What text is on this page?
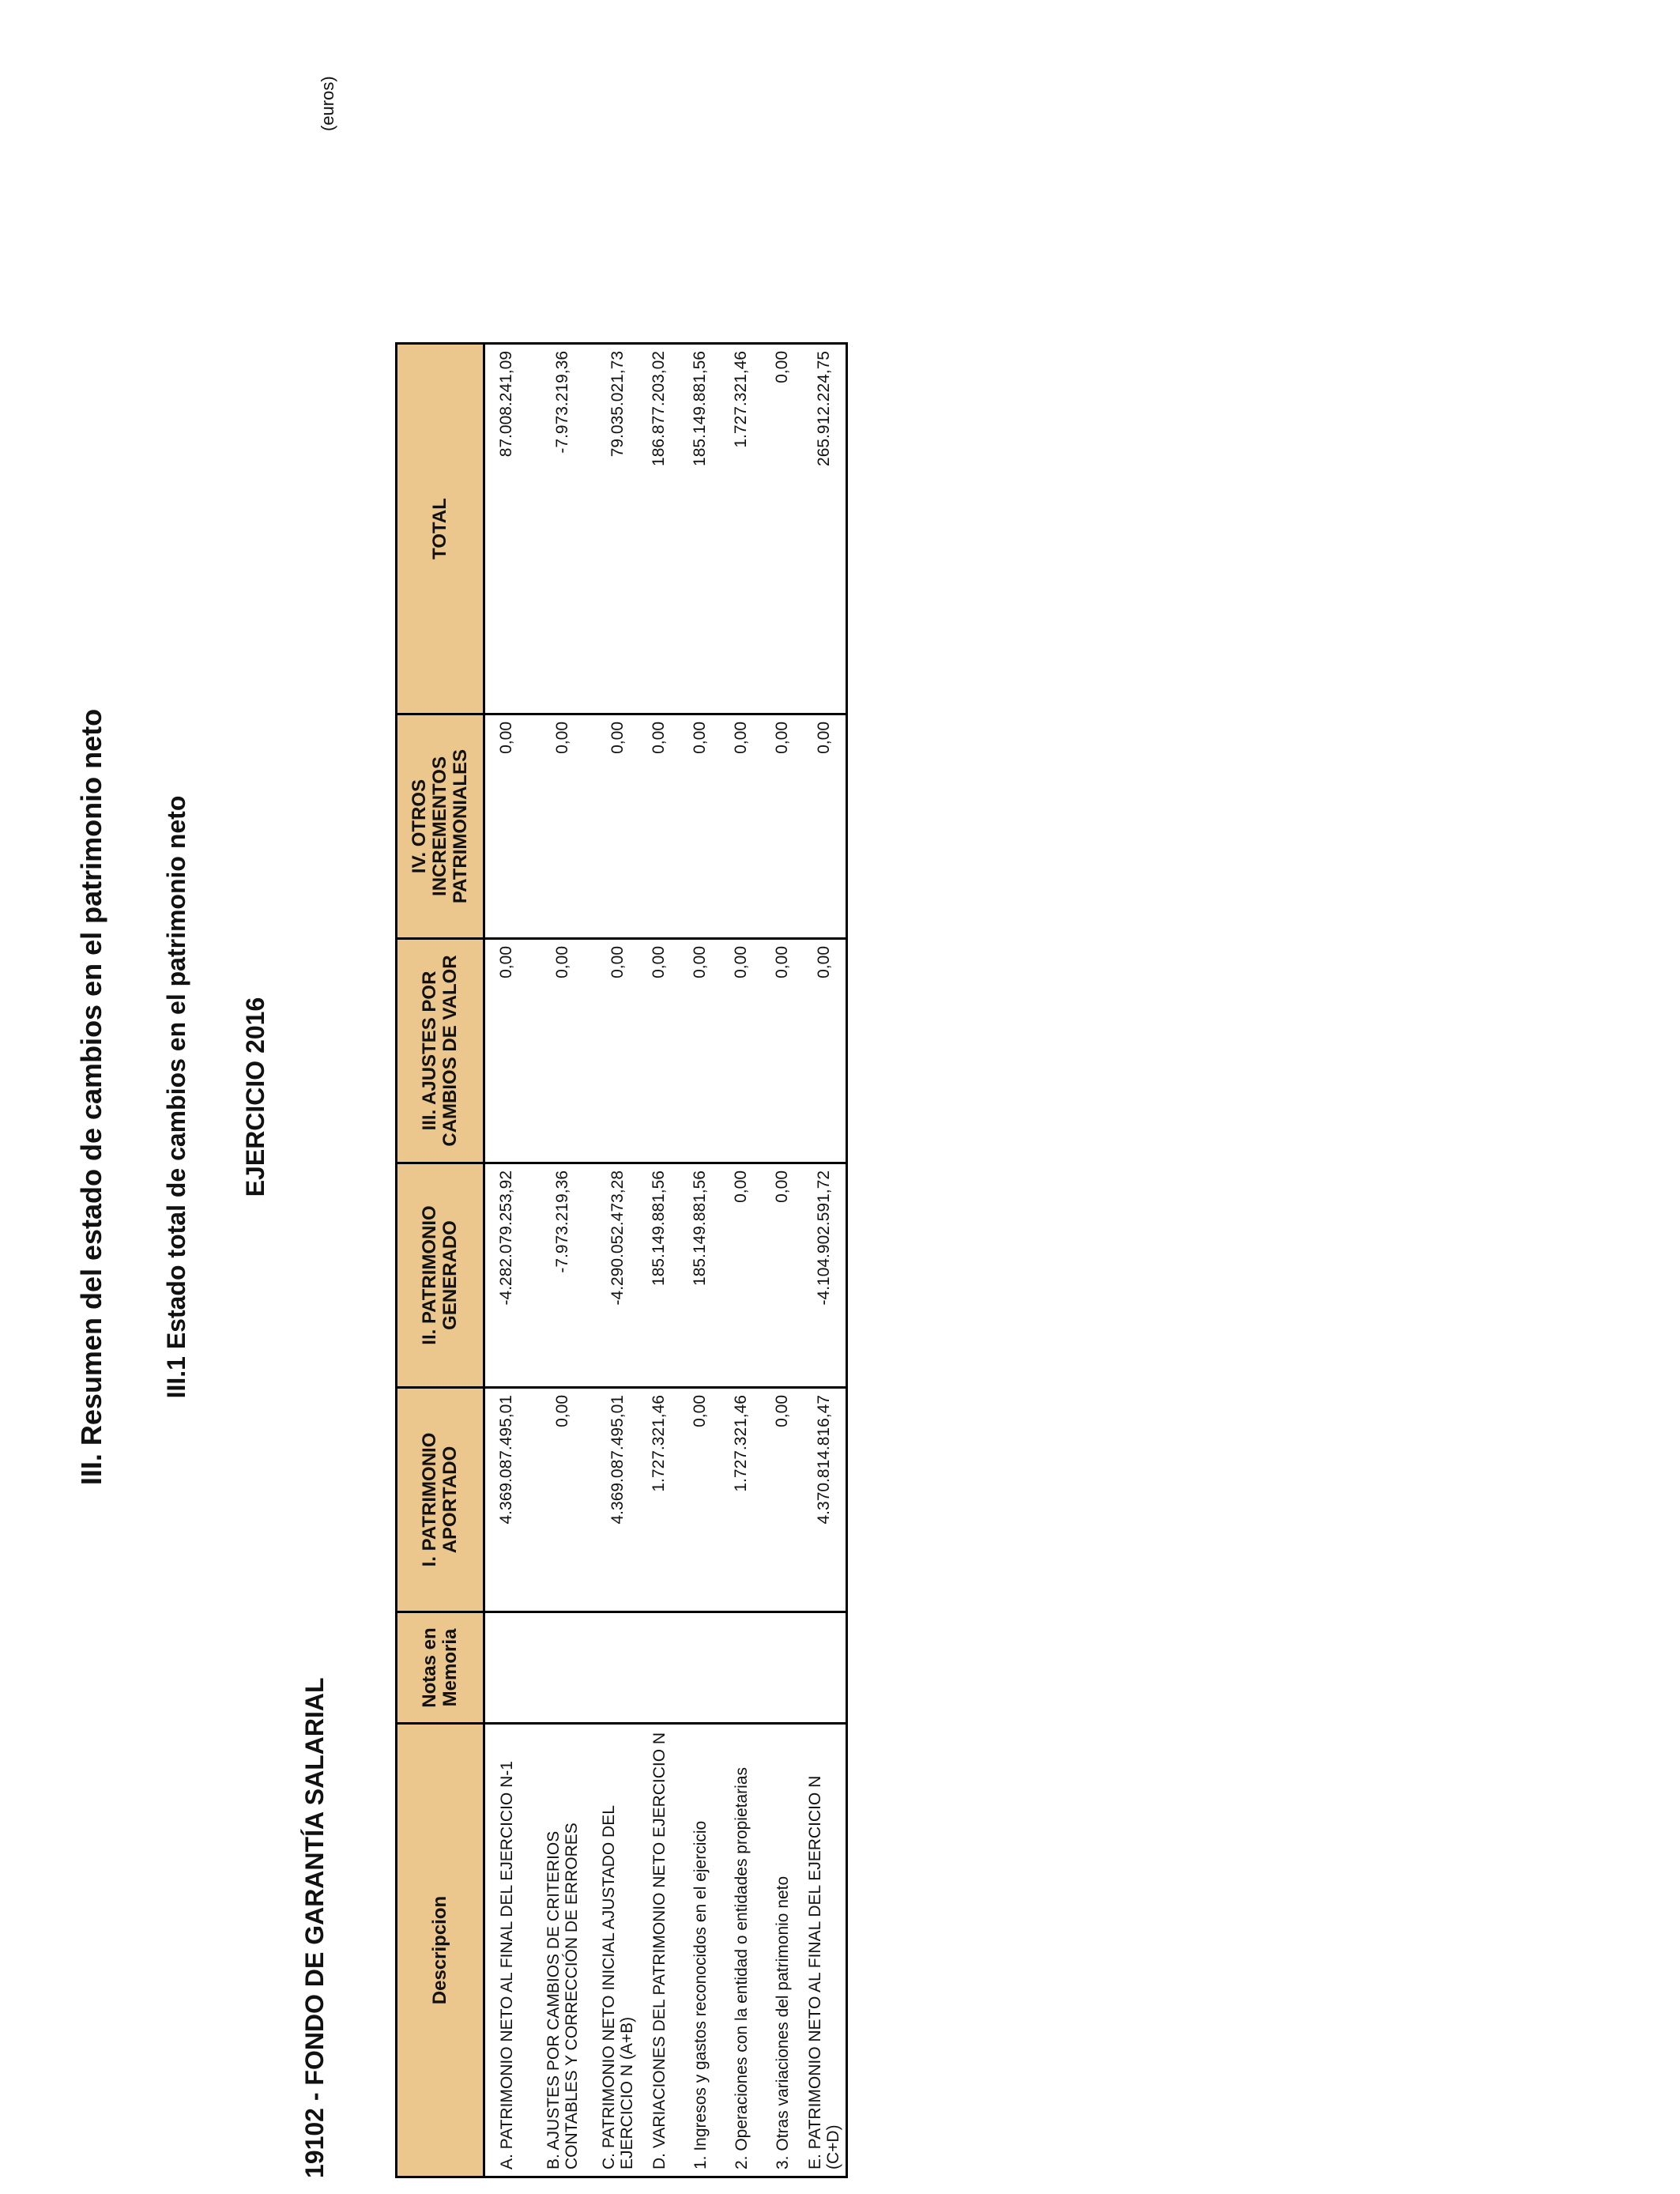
III. Resumen del estado de cambios en el patrimonio neto III.1 Estado total de cambios en el patrimonio neto EJERCICIO 2016
19102 - FONDO DE GARANTÍA SALARIAL
(euros)
Descripcion	Notas en Memoria	I. PATRIMONIO APORTADO	II. PATRIMONIO GENERADO	III. AJUSTES POR CAMBIOS DE VALOR	IV. OTROS INCREMENTOS PATRIMONIALES	TOTAL
A. PATRIMONIO NETO AL FINAL DEL EJERCICIO N-1		4.369.087.495,01	-4.282.079.253,92	0,00	0,00	87.008.241,09
B. AJUSTES POR CAMBIOS DE CRITERIOS CONTABLES Y CORRECCIÓN DE ERRORES		0,00	-7.973.219,36	0,00	0,00	-7.973.219,36
C. PATRIMONIO NETO INICIAL AJUSTADO DEL EJERCICIO N (A+B)		4.369.087.495,01	-4.290.052.473,28	0,00	0,00	79.035.021,73
D. VARIACIONES DEL PATRIMONIO NETO EJERCICIO N		1.727.321,46	185.149.881,56	0,00	0,00	186.877.203,02
1. Ingresos y gastos reconocidos en el ejercicio		0,00	185.149.881,56	0,00	0,00	185.149.881,56
2. Operaciones con la entidad o entidades propietarias		1.727.321,46	0,00	0,00	0,00	1.727.321,46
3. Otras variaciones del patrimonio neto		0,00	0,00	0,00	0,00	0,00
E. PATRIMONIO NETO AL FINAL DEL EJERCICIO N (C+D)		4.370.814.816,47	-4.104.902.591,72	0,00	0,00	265.912.224,75
